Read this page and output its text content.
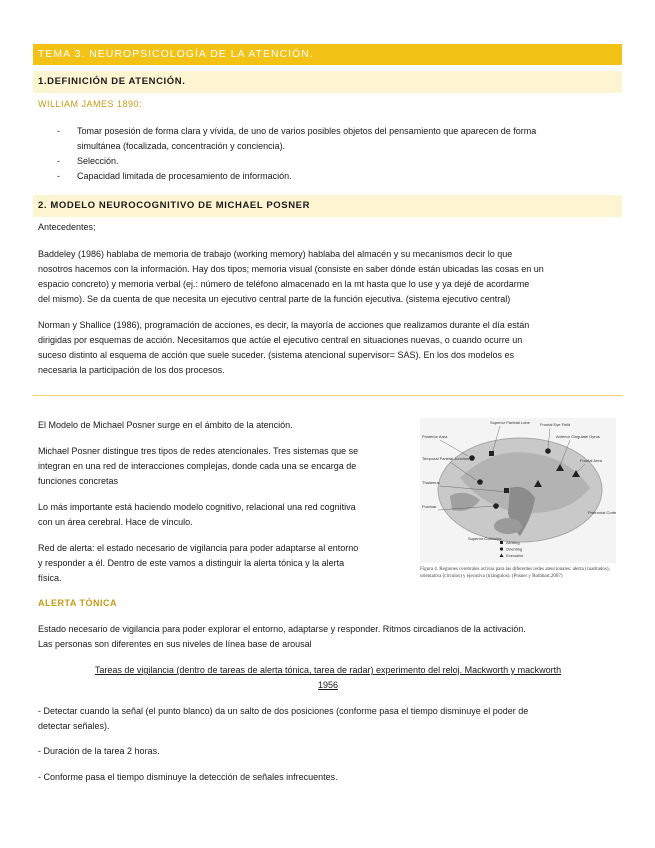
TEMA 3. NEUROPSICOLOGÍA DE LA ATENCIÓN.
1.DEFINICIÓN DE ATENCIÓN.
WILLIAM JAMES 1890:
- Tomar posesión de forma clara y vívida, de uno de varios posibles objetos del pensamiento que aparecen de forma
simultánea (focalizada, concentración y conciencia).
- Selección.
- Capacidad limitada de procesamiento de información.
2. MODELO NEUROCOGNITIVO DE MICHAEL POSNER
Antecedentes;
Baddeley (1986) hablaba de memoria de trabajo (working memory) hablaba del almacén y su mecanismos decir lo que
nosotros hacemos con la información. Hay dos tipos; memoria visual (consiste en saber dónde están ubicadas las cosas en un
espacio concreto) y memoria verbal (ej.: número de teléfono almacenado en la mt hasta que lo use y ya dejé de acordarme
del mismo). Se da cuenta de que necesita un ejecutivo central parte de la función ejecutiva. (sistema ejecutivo central)
Norman y Shallice (1986), programación de acciones, es decir, la mayoría de acciones que realizamos durante el día están
dirigidas por esquemas de acción. Necesitamos que actúe el ejecutivo central en situaciones nuevas, o cuando ocurre un
suceso distinto al esquema de acción que suele suceder. (sistema atencional supervisor= SAS). En los dos modelos es
necesaria la participación de los dos procesos.
El Modelo de Michael Posner surge en el ámbito de la atención.
Michael Posner distingue tres tipos de redes atencionales. Tres sistemas que se
integran en una red de interacciones complejas, donde cada una se encarga de
funciones concretas
Lo más importante está haciendo modelo cognitivo, relacional una red cognitiva
con un área cerebral. Hace de vínculo.
Red de alerta: el estado necesario de vigilancia para poder adaptarse al entorno
y responder a él. Dentro de este vamos a distinguir la alerta tónica y la alerta
física.
Superior Parietal Lobe	Frontal Eye Field
Posterior Area	Anterior Cingulate Gyrus
Temporal Parietal Junction	Frontal Area
Thalamus
Pulvinar
Prefrontal Cortex
Superior Colliculus
Alerting
Orienting
Executive
Figura 4. Regiones cerebrales activas para las diferentes redes atencionales: alerta (cuadrados), orientativa (círculos) y ejecutiva (triángulos). (Posner y Rothbart,2007)
ALERTA TÓNICA
Estado necesario de vigilancia para poder explorar el entorno, adaptarse y responder. Ritmos circadianos de la activación.
Las personas son diferentes en sus niveles de línea base de arousal
Tareas de vigilancia (dentro de tareas de alerta tónica, tarea de radar) experimento del reloj. Mackworth y mackworth
1956
- Detectar cuando la señal (el punto blanco) da un salto de dos posiciones (conforme pasa el tiempo disminuye el poder de
detectar señales).
- Duración de la tarea 2 horas.
- Conforme pasa el tiempo disminuye la detección de señales infrecuentes.
